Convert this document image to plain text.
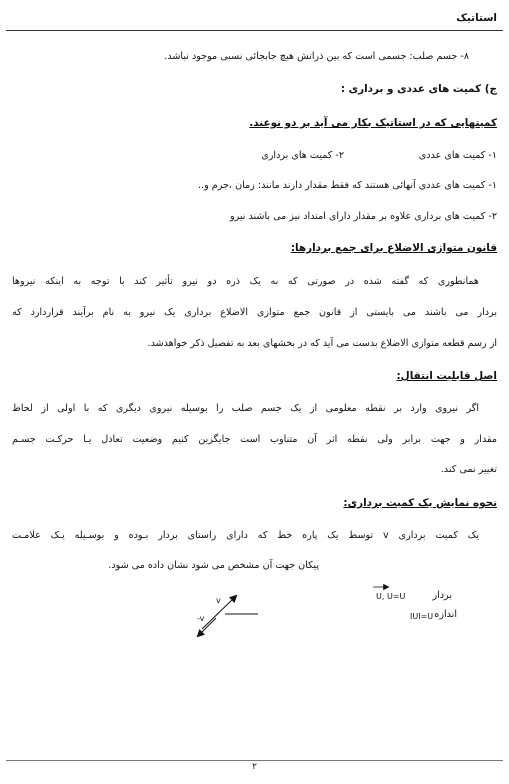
استاتیک
۸- جسم صلب: جسمی است که بین ذراتش هیچ جابجائی نسبی موجود نباشد.
ج) کمیت های عددی و برداری :
کمیتهایی که در استاتیک بکار می آید بر دو نوعند.
۱- کمیت های عددی
۲- کمیت های برداری
۱- کمیت های عددی آنهائی هستند که فقط مقدار دارند مانند: زمان ،جرم و..
۲- کمیت های برداری علاوه بر مقدار دارای امتداد نیز می باشند نیرو
قانون متوازی الاضلاع برای جمع بردارها:
همانطوری که گفته شده در صورتی که به یک ذره دو نیرو تأثیر کند با توجه به اینکه نیروها
بردار می باشند می بایستی از قانون جمع متوازی الاضلاع برداری یک نیرو به نام برآیند قراردارد که
از رسم قطعه متوازی الاضلاع بدست می آید که در بخشهای بعد به تفصیل ذکر خواهدشد.
اصل قابلیت انتقال:
اگر نیروی وارد بر نقطه معلومی از یک جسم صلب را بوسیله نیروی دیگری که با اولی از لحاظ
مقدار و جهت برابر ولی نقطه اثر آن متناوب است جایگزین کنیم وضعیت تعادل یـا حرکـت جسـم
تغییر نمی کند.
نحوه نمایش یک کمیت برداری:
یک کمیت برداری v توسط یک پاره خط که دارای راستای بردار بـوده و بوسـیله یـک علامـت
پیکان جهت آن مشخص می شود نشان داده می شود.
v
-v
بردار
اندازه
U, U=U
IUI=U
۲
